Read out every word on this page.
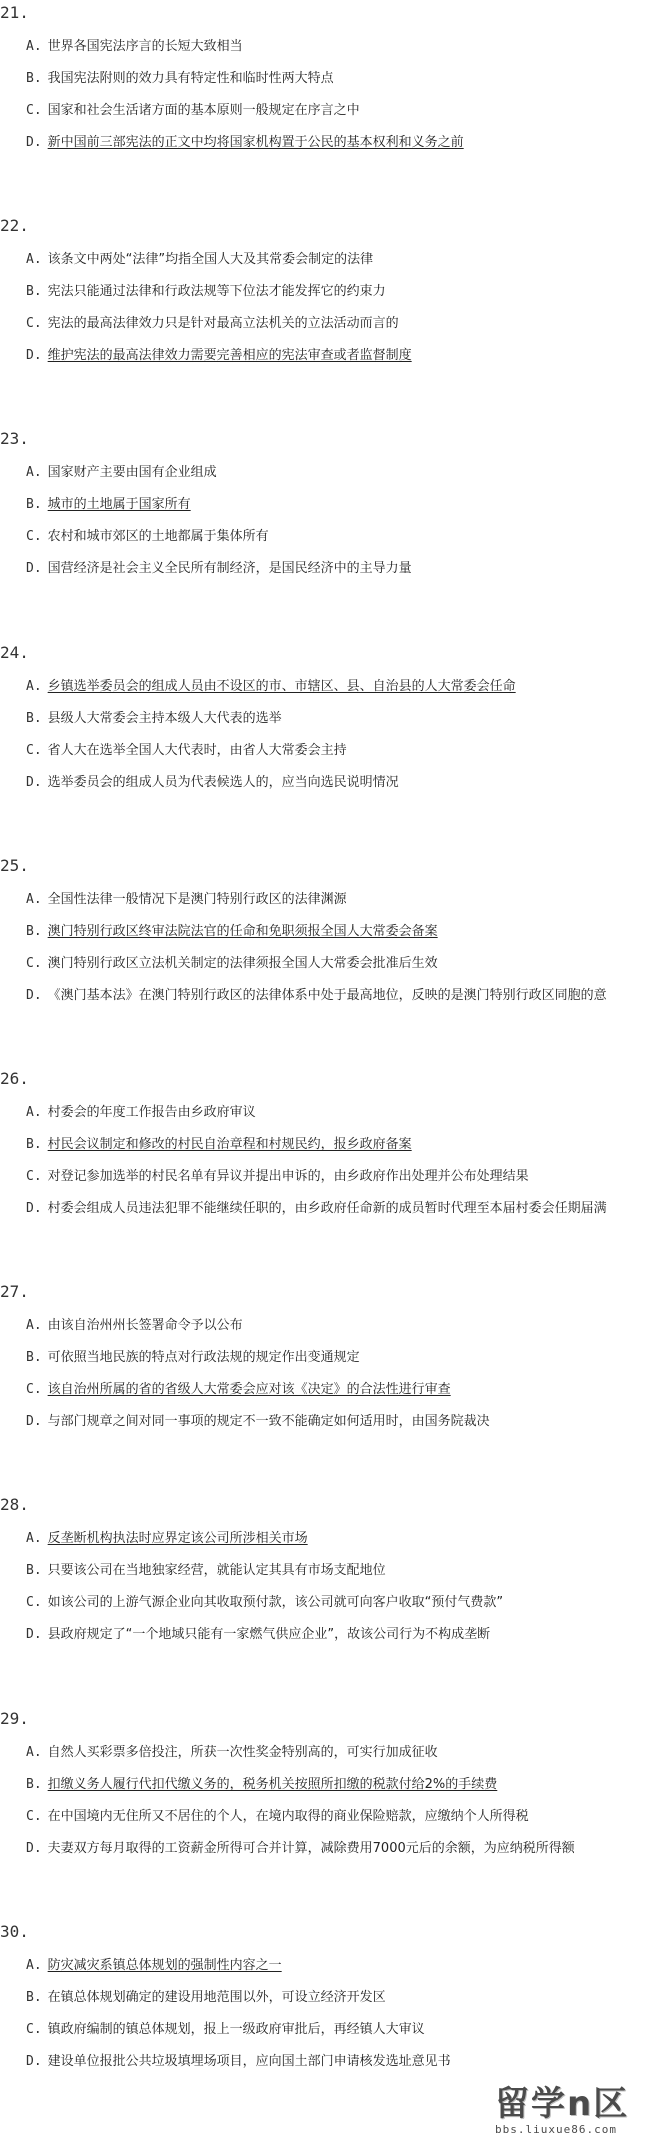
21.
A. 世界各国宪法序言的长短大致相当
B. 我国宪法附则的效力具有特定性和临时性两大特点
C. 国家和社会生活诸方面的基本原则一般规定在序言之中
D. 新中国前三部宪法的正文中均将国家机构置于公民的基本权利和义务之前
22.
A. 该条文中两处“法律”均指全国人大及其常委会制定的法律
B. 宪法只能通过法律和行政法规等下位法才能发挥它的约束力
C. 宪法的最高法律效力只是针对最高立法机关的立法活动而言的
D. 维护宪法的最高法律效力需要完善相应的宪法审查或者监督制度
23.
A. 国家财产主要由国有企业组成
B. 城市的土地属于国家所有
C. 农村和城市郊区的土地都属于集体所有
D. 国营经济是社会主义全民所有制经济，是国民经济中的主导力量
24.
A. 乡镇选举委员会的组成人员由不设区的市、市辖区、县、自治县的人大常委会任命
B. 县级人大常委会主持本级人大代表的选举
C. 省人大在选举全国人大代表时，由省人大常委会主持
D. 选举委员会的组成人员为代表候选人的，应当向选民说明情况
25.
A. 全国性法律一般情况下是澳门特别行政区的法律渊源
B. 澳门特别行政区终审法院法官的任命和免职须报全国人大常委会备案
C. 澳门特别行政区立法机关制定的法律须报全国人大常委会批准后生效
D. 《澳门基本法》在澳门特别行政区的法律体系中处于最高地位，反映的是澳门特别行政区同胞的意
26.
A. 村委会的年度工作报告由乡政府审议
B. 村民会议制定和修改的村民自治章程和村规民约，报乡政府备案
C. 对登记参加选举的村民名单有异议并提出申诉的，由乡政府作出处理并公布处理结果
D. 村委会组成人员违法犯罪不能继续任职的，由乡政府任命新的成员暂时代理至本届村委会任期届满
27.
A. 由该自治州州长签署命令予以公布
B. 可依照当地民族的特点对行政法规的规定作出变通规定
C. 该自治州所属的省的省级人大常委会应对该《决定》的合法性进行审查
D. 与部门规章之间对同一事项的规定不一致不能确定如何适用时，由国务院裁决
28.
A. 反垄断机构执法时应界定该公司所涉相关市场
B. 只要该公司在当地独家经营，就能认定其具有市场支配地位
C. 如该公司的上游气源企业向其收取预付款，该公司就可向客户收取“预付气费款”
D. 县政府规定了“一个地域只能有一家燃气供应企业”，故该公司行为不构成垄断
29.
A. 自然人买彩票多倍投注，所获一次性奖金特别高的，可实行加成征收
B. 扣缴义务人履行代扣代缴义务的，税务机关按照所扣缴的税款付给2%的手续费
C. 在中国境内无住所又不居住的个人，在境内取得的商业保险赔款，应缴纳个人所得税
D. 夫妻双方每月取得的工资薪金所得可合并计算，减除费用7000元后的余额，为应纳税所得额
30.
A. 防灾减灾系镇总体规划的强制性内容之一
B. 在镇总体规划确定的建设用地范围以外，可设立经济开发区
C. 镇政府编制的镇总体规划，报上一级政府审批后，再经镇人大审议
D. 建设单位报批公共垃圾填埋场项目，应向国土部门申请核发选址意见书
留学n区
bbs.liuxue86.com
